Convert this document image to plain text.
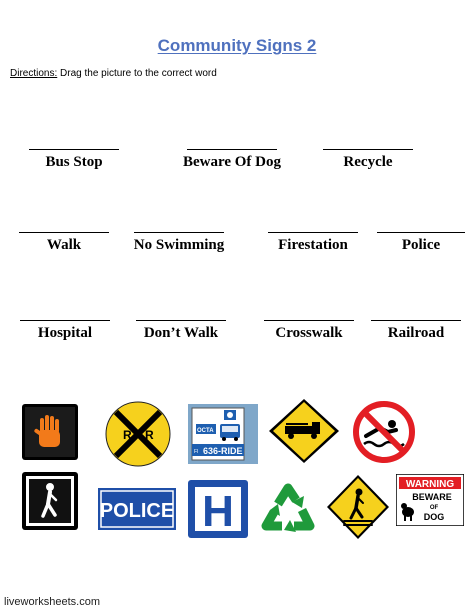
Community Signs 2
Directions: Drag the picture to the correct word
Bus Stop	Beware Of Dog	Recycle
Walk	No Swimming	Firestation	Police
Hospital	Don’t Walk	Crosswalk	Railroad
R R	OCTA
FI 636-RIDE
POLICE H
WARNING
BEWARE
OF
DOG
liveworksheets.com
